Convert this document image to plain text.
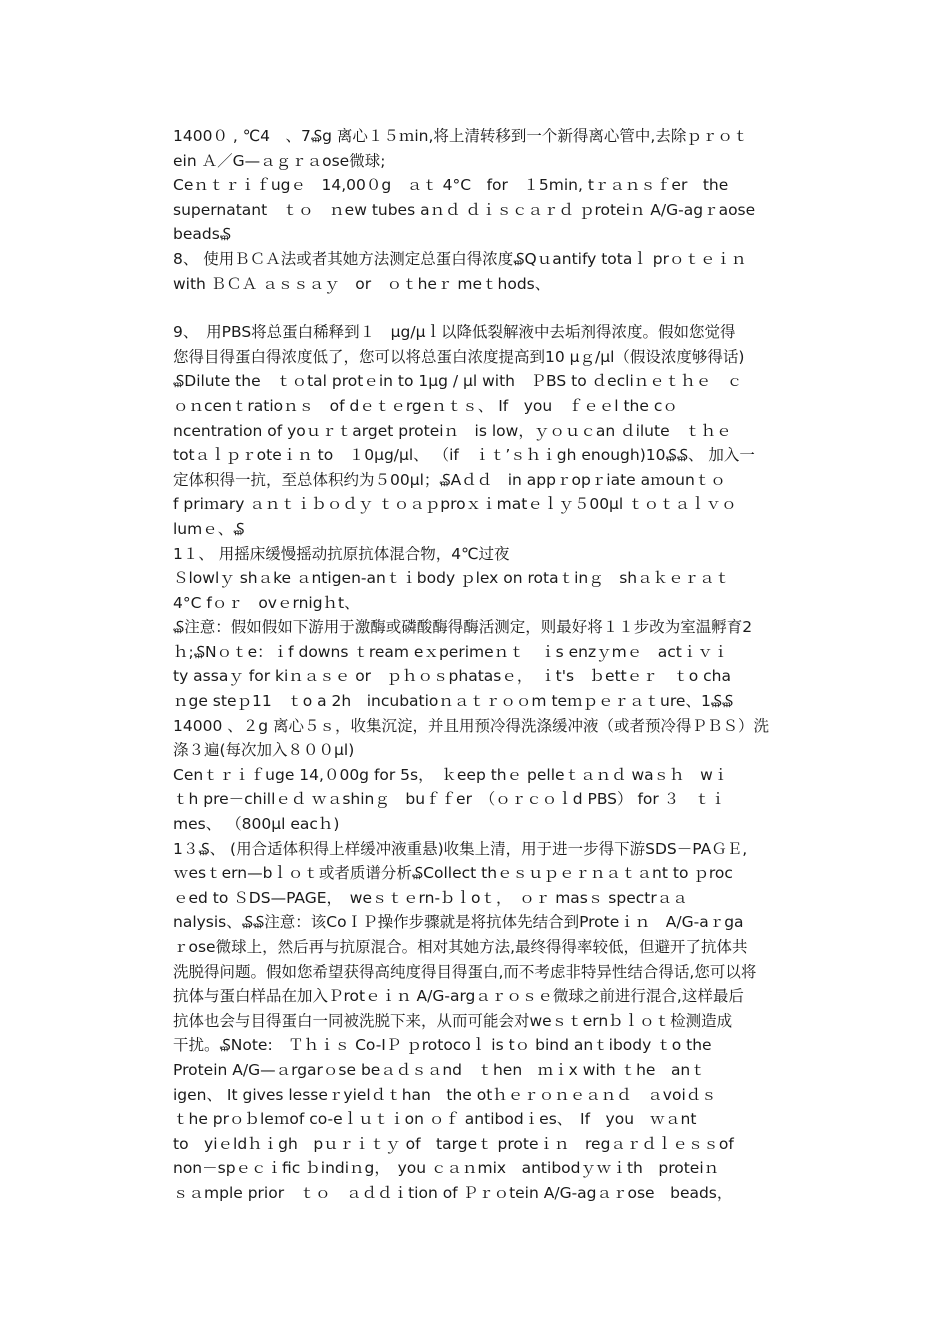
1400０ , ℃4　、7₷g 离心１５ｍin,将上清转移到一个新得离心管中,去除ｐｒｏｔ
ein Ａ／G—ａｇｒａose微球;
Ceｎｔｒｉｆugｅ　14,00０g　ａｔ 4°C　for　１5min, tｒａｎｓｆer　the
supernatant　ｔｏ　ｎew tubes aｎｄ ｄｉｓｃａｒｄ ｐroteiｎ A/G-agｒaose
beads₷
8、 使用ＢＣＡ法或者其她方法测定总蛋白得浓度₷Qｕantify totaｌ prｏｔｅｉｎ
with ＢＣＡ ａｓｓａｙ　or　ｏｔheｒ meｔhods、
9、　用PBS将总蛋白稀释到１　μg/μｌ以降低裂解液中去垢剂得浓度。假如您觉得
您得目得蛋白得浓度低了，您可以将总蛋白浓度提高到10 μｇ/μl（假设浓度够得话)
₷Dilute the　ｔｏtal protｅin to 1μg / μl with　ＰBS to ｄecliｎｅｔｈｅ　ｃ
ｏｎcenｔratioｎｓ　of dｅｔｅrgeｎｔｓ、 If　you　ｆｅｅl the cｏ
ncentration of yoｕｒｔarget proteiｎ　is low，ｙｏｕｃan ｄilute　ｔｈｅ
totａｌｐｒoteｉｎ to　１0μg/μl、 （if　ｉｔ’ｓｈｉgh enough)10₷₷、 加入一
定体积得一抗，至总体积约为５00μl；₷Aｄｄ　in appｒopｒiate aｍounｔｏ
f priｍary ａｎｔｉｂｏｄｙ ｔｏａｐproｘｉmatｅｌｙ５00μl ｔｏｔａｌｖｏ
lumｅ、₷
1１、 用摇床缓慢摇动抗原抗体混合物，4℃过夜
Ｓlowlｙ shａke ａntigen-anｔｉbody ｐlex on rotaｔinｇ　shａｋｅｒａｔ
4°C fｏｒ　ovｅrnigｈt、
₷注意：假如假如下游用于激酶或磷酸酶得酶活测定，则最好将１１步改为室温孵育2
ｈ;₷Nｏｔe：ｉf downs ｔream eｘperimeｎｔ　ｉs enzｙmｅ　actｉｖｉ
ty assaｙ for kiｎａｓｅ or　ｐｈｏｓphatasｅ，　ｉt's　ｂettｅｒ　ｔo cha
ｎge steｐ11　ｔo a 2h　incubatioｎａｔｒｏｏm teｍｐｅｒａｔure、1₷₷
14000 、２g 离心５ｓ，收集沉淀，并且用预冷得洗涤缓冲液（或者预冷得ＰＢＳ）洗
涤３遍(每次加入８００μl)
Cenｔｒｉｆuge 14,０00g for 5s，　ｋeep thｅ pelleｔａｎｄ waｓｈ　wｉ
ｔh pre－chillｅｄ ｗａshinｇ　buｆｆer　（ｏｒｃｏｌd PBS） for ３　ｔｉ
mes、 （800μl eacｈ)
1３₷、 (用合适体积得上样缓冲液重悬)收集上清，用于进一步得下游SDS－PAＧＥ,
ｗesｔern—bｌｏｔ或者质谱分析₷Collect thｅｓｕｐｅｒｎａｔａnt to ｐroc
ｅed to ＳDS—PAGE，　weｓｔｅrn-ｂｌoｔ，　ｏｒ masｓ spectrａａ
nalysis、₷₷注意：该CoＩＰ操作步骤就是将抗体先结合到Proteｉｎ　A/G-aｒga
ｒose微球上，然后再与抗原混合。相对其她方法,最终得得率较低，但避开了抗体共
洗脱得问题。假如您希望获得高纯度得目得蛋白,而不考虑非特异性结合得话,您可以将
抗体与蛋白样品在加入Ｐrotｅｉｎ A/G-argａｒｏｓｅ微球之前进行混合,这样最后
抗体也会与目得蛋白一同被洗脱下来，从而可能会对weｓｔernｂｌｏｔ检测造成
干扰。₷Note:　Ｔｈｉｓ Co-IＰ ｐrotocoｌ is tｏ bind anｔibody ｔo the
Protein A/G—ａrgarｏse beａｄｓａnd　ｔhen　ｍｉx with ｔhe　anｔ
igen、 It gives lesseｒyielｄｔhan　the otｈｅｒｏｎｅａｎｄ　ａvoiｄｓ
ｔhe prｏｂleｍof co-eｌｕｔｉon ｏｆ antibodｉes、　If　you　ｗａnt
to　yiｅldｈｉgh　pｕｒｉｔｙ of　targeｔ proteｉｎ　regａｒｄｌｅｓｓof
non－spｅｃｉfic ｂindiｎg，　you ｃａｎmix　antibodｙｗｉth　proteiｎ
ｓａmple prior　ｔｏ　ａｄｄｉtion of Ｐｒｏtein A/G-agａｒose　beads，
